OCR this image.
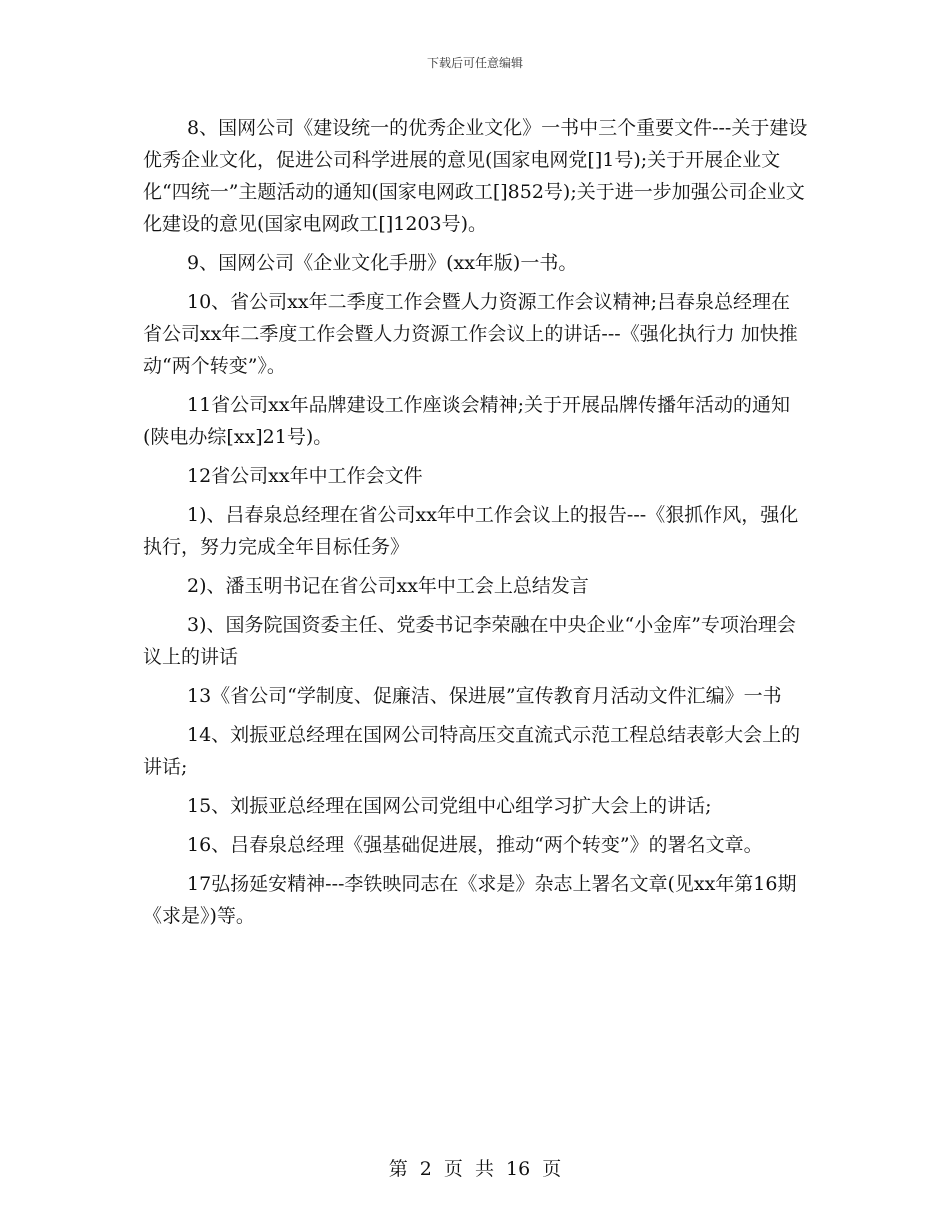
下载后可任意编辑

8、国网公司《建设统一的优秀企业文化》一书中三个重要文件---关于建设优秀企业文化，促进公司科学进展的意见(国家电网党[]1号);关于开展企业文化“四统一”主题活动的通知(国家电网政工[]852号);关于进一步加强公司企业文化建设的意见(国家电网政工[]1203号)。

9、国网公司《企业文化手册》(xx年版)一书。

10、省公司xx年二季度工作会暨人力资源工作会议精神;吕春泉总经理在省公司xx年二季度工作会暨人力资源工作会议上的讲话---《强化执行力 加快推动“两个转变”》。

11省公司xx年品牌建设工作座谈会精神;关于开展品牌传播年活动的通知(陕电办综[xx]21号)。

12省公司xx年中工作会文件

1)、吕春泉总经理在省公司xx年中工作会议上的报告---《狠抓作风，强化执行，努力完成全年目标任务》

2)、潘玉明书记在省公司xx年中工会上总结发言

3)、国务院国资委主任、党委书记李荣融在中央企业“小金库”专项治理会议上的讲话

13《省公司“学制度、促廉洁、保进展”宣传教育月活动文件汇编》一书

14、刘振亚总经理在国网公司特高压交直流式示范工程总结表彰大会上的讲话;

15、刘振亚总经理在国网公司党组中心组学习扩大会上的讲话;

16、吕春泉总经理《强基础促进展，推动“两个转变”》的署名文章。

17弘扬延安精神---李铁映同志在《求是》杂志上署名文章(见xx年第16期《求是》)等。

第 2 页 共 16 页
